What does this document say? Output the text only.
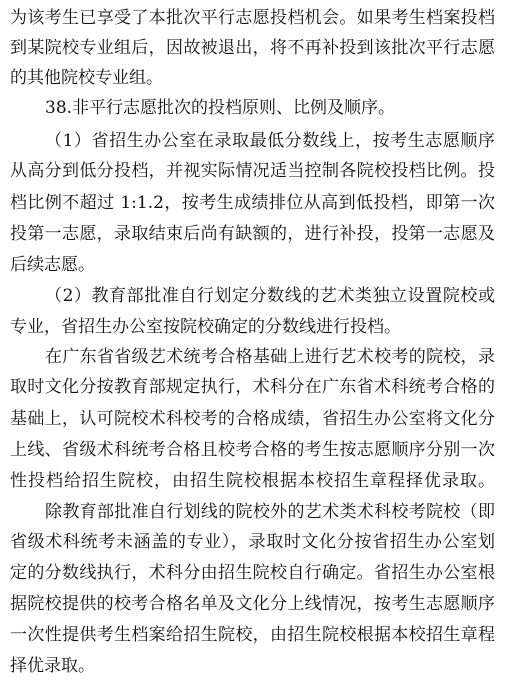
为该考生已享受了本批次平行志愿投档机会。如果考生档案投档
到某院校专业组后，因故被退出，将不再补投到该批次平行志愿
的其他院校专业组。
38.非平行志愿批次的投档原则、比例及顺序。
（1）省招生办公室在录取最低分数线上，按考生志愿顺序
从高分到低分投档，并视实际情况适当控制各院校投档比例。投
档比例不超过 1:1.2，按考生成绩排位从高到低投档，即第一次
投第一志愿，录取结束后尚有缺额的，进行补投，投第一志愿及
后续志愿。
（2）教育部批准自行划定分数线的艺术类独立设置院校或
专业，省招生办公室按院校确定的分数线进行投档。
在广东省省级艺术统考合格基础上进行艺术校考的院校，录
取时文化分按教育部规定执行，术科分在广东省术科统考合格的
基础上，认可院校术科校考的合格成绩，省招生办公室将文化分
上线、省级术科统考合格且校考合格的考生按志愿顺序分别一次
性投档给招生院校，由招生院校根据本校招生章程择优录取。
除教育部批准自行划线的院校外的艺术类术科校考院校（即
省级术科统考未涵盖的专业），录取时文化分按省招生办公室划
定的分数线执行，术科分由招生院校自行确定。省招生办公室根
据院校提供的校考合格名单及文化分上线情况，按考生志愿顺序
一次性提供考生档案给招生院校，由招生院校根据本校招生章程
择优录取。
